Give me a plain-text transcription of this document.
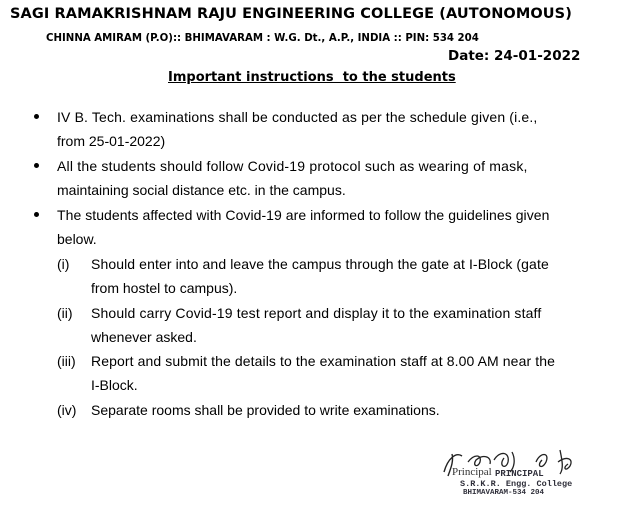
SAGI RAMAKRISHNAM RAJU ENGINEERING COLLEGE (AUTONOMOUS)
CHINNA AMIRAM (P.O):: BHIMAVARAM : W.G. Dt., A.P., INDIA :: PIN: 534 204
Date: 24-01-2022
Important instructions  to the students
IV B. Tech. examinations shall be conducted as per the schedule given (i.e.,
from 25-01-2022)
All the students should follow Covid-19 protocol such as wearing of mask,
maintaining social distance etc. in the campus.
The students affected with Covid-19 are informed to follow the guidelines given
below.
(i) Should enter into and leave the campus through the gate at I-Block (gate
from hostel to campus).
(ii) Should carry Covid-19 test report and display it to the examination staff
whenever asked.
(iii) Report and submit the details to the examination staff at 8.00 AM near the
I-Block.
(iv) Separate rooms shall be provided to write examinations.
Principal PRINCIPAL
S.R.K.R. Engg. College
BHIMAVARAM-534 204
